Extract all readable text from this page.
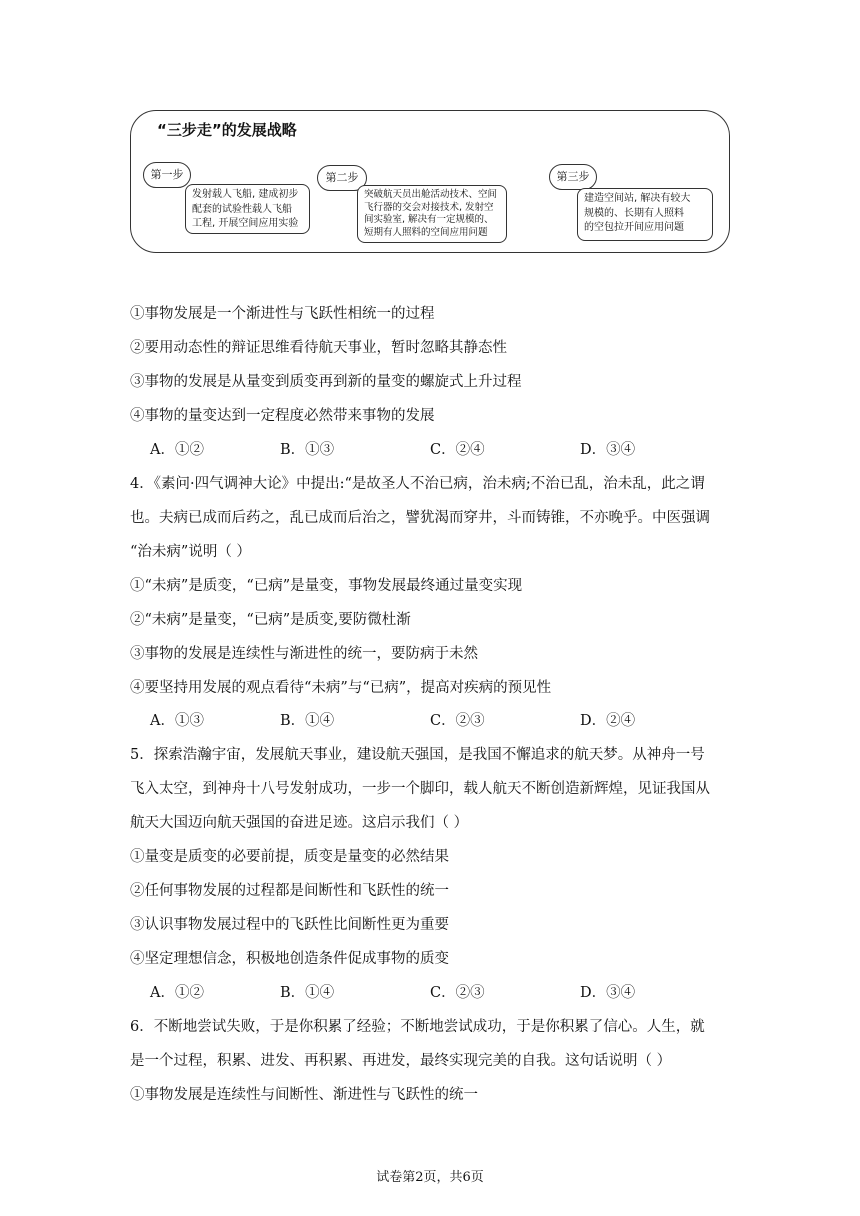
“三步走”的发展战略
第一步
发射载人飞船, 建成初步
配套的试验性载人飞船
工程, 开展空间应用实验
第二步
突破航天员出舱活动技术、空间
飞行器的交会对接技术, 发射空
间实验室, 解决有一定规模的、
短期有人照料的空间应用问题
第三步
建造空间站, 解决有较大
规模的、长期有人照料
的空包拉开间应用问题
①事物发展是一个渐进性与飞跃性相统一的过程
②要用动态性的辩证思维看待航天事业，暂时忽略其静态性
③事物的发展是从量变到质变再到新的量变的螺旋式上升过程
④事物的量变达到一定程度必然带来事物的发展
A．①②	B．①③	C．②④	D．③④
4．《素问·四气调神大论》中提出:“是故圣人不治已病，治未病;不治已乱，治未乱，此之谓
也。夫病已成而后药之，乱已成而后治之，譬犹渴而穿井，斗而铸锥，不亦晚乎。中医强调
“治未病”说明（ ）
①“未病”是质变，“已病”是量变，事物发展最终通过量变实现
②“未病”是量变，“已病”是质变,要防微杜渐
③事物的发展是连续性与渐进性的统一，要防病于未然
④要坚持用发展的观点看待“未病”与“已病”，提高对疾病的预见性
A．①③	B．①④	C．②③	D．②④
5．探索浩瀚宇宙，发展航天事业，建设航天强国，是我国不懈追求的航天梦。从神舟一号
飞入太空，到神舟十八号发射成功，一步一个脚印，载人航天不断创造新辉煌，见证我国从
航天大国迈向航天强国的奋进足迹。这启示我们（ ）
①量变是质变的必要前提，质变是量变的必然结果
②任何事物发展的过程都是间断性和飞跃性的统一
③认识事物发展过程中的飞跃性比间断性更为重要
④坚定理想信念，积极地创造条件促成事物的质变
A．①②	B．①④	C．②③	D．③④
6．不断地尝试失败，于是你积累了经验；不断地尝试成功，于是你积累了信心。人生，就
是一个过程，积累、进发、再积累、再进发，最终实现完美的自我。这句话说明（ ）
①事物发展是连续性与间断性、渐进性与飞跃性的统一
试卷第2页，共6页
